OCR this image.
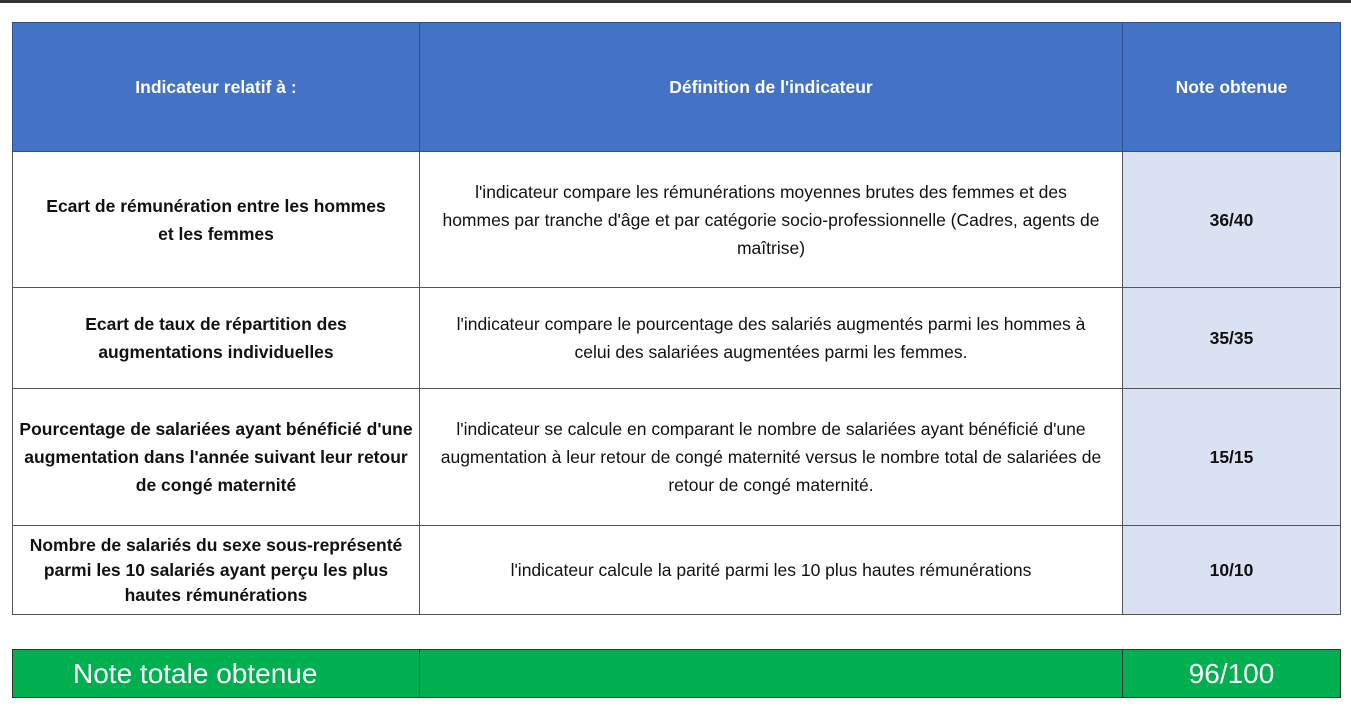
Indicateur relatif à :	Définition de l'indicateur	Note obtenue
Ecart de rémunération entre les hommes et les femmes	l'indicateur compare les rémunérations moyennes brutes des femmes et des hommes par tranche d'âge et par catégorie socio-professionnelle (Cadres, agents de maîtrise)	36/40
Ecart de taux de répartition des augmentations individuelles	l'indicateur compare le pourcentage des salariés augmentés parmi les hommes à celui des salariées augmentées parmi les femmes.	35/35
Pourcentage de salariées ayant bénéficié d'une augmentation dans l'année suivant leur retour de congé maternité	l'indicateur se calcule en comparant le nombre de salariées ayant bénéficié d'une augmentation à leur retour de congé maternité versus le nombre total de salariées de retour de congé maternité.	15/15
Nombre de salariés du sexe sous-représenté parmi les 10 salariés ayant perçu les plus hautes rémunérations	l'indicateur calcule la parité parmi les 10 plus hautes rémunérations	10/10
Note totale obtenue		96/100
